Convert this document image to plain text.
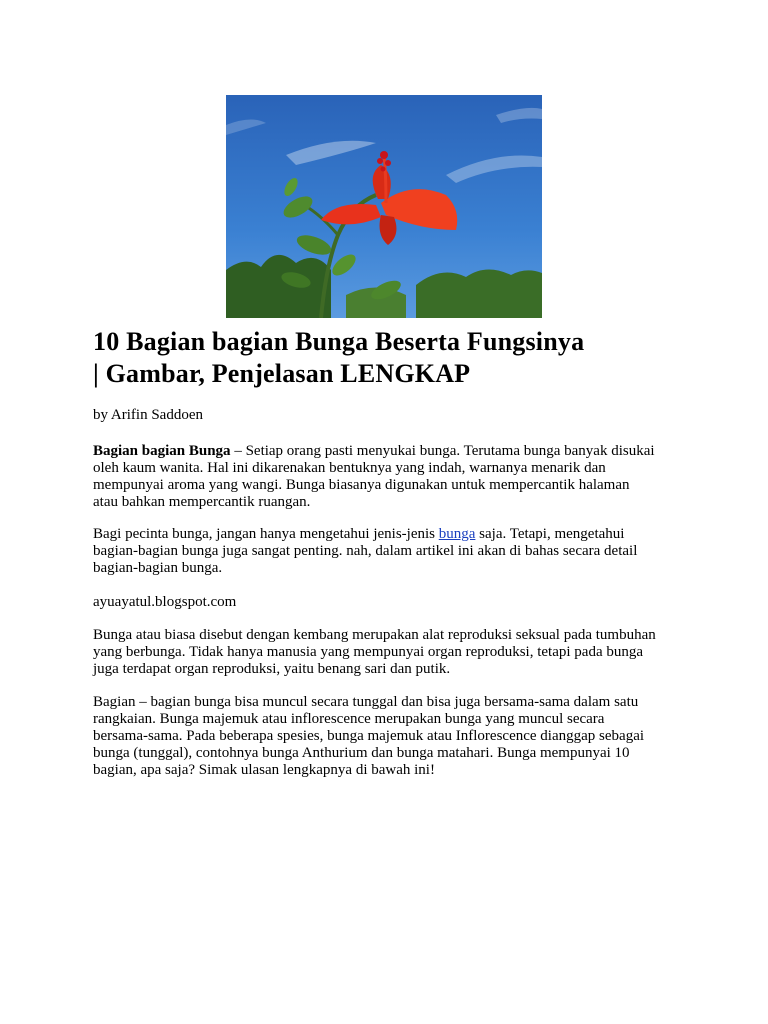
10 Bagian bagian Bunga Beserta Fungsinya
| Gambar, Penjelasan LENGKAP

by Arifin Saddoen

Bagian bagian Bunga – Setiap orang pasti menyukai bunga. Terutama bunga banyak disukai
oleh kaum wanita. Hal ini dikarenakan bentuknya yang indah, warnanya menarik dan
mempunyai aroma yang wangi. Bunga biasanya digunakan untuk mempercantik halaman
atau bahkan mempercantik ruangan.

Bagi pecinta bunga, jangan hanya mengetahui jenis-jenis bunga saja. Tetapi, mengetahui
bagian-bagian bunga juga sangat penting. nah, dalam artikel ini akan di bahas secara detail
bagian-bagian bunga.

ayuayatul.blogspot.com

Bunga atau biasa disebut dengan kembang merupakan alat reproduksi seksual pada tumbuhan
yang berbunga. Tidak hanya manusia yang mempunyai organ reproduksi, tetapi pada bunga
juga terdapat organ reproduksi, yaitu benang sari dan putik.

Bagian – bagian bunga bisa muncul secara tunggal dan bisa juga bersama-sama dalam satu
rangkaian. Bunga majemuk atau inflorescence merupakan bunga yang muncul secara
bersama-sama. Pada beberapa spesies, bunga majemuk atau Inflorescence dianggap sebagai
bunga (tunggal), contohnya bunga Anthurium dan bunga matahari. Bunga mempunyai 10
bagian, apa saja? Simak ulasan lengkapnya di bawah ini!
